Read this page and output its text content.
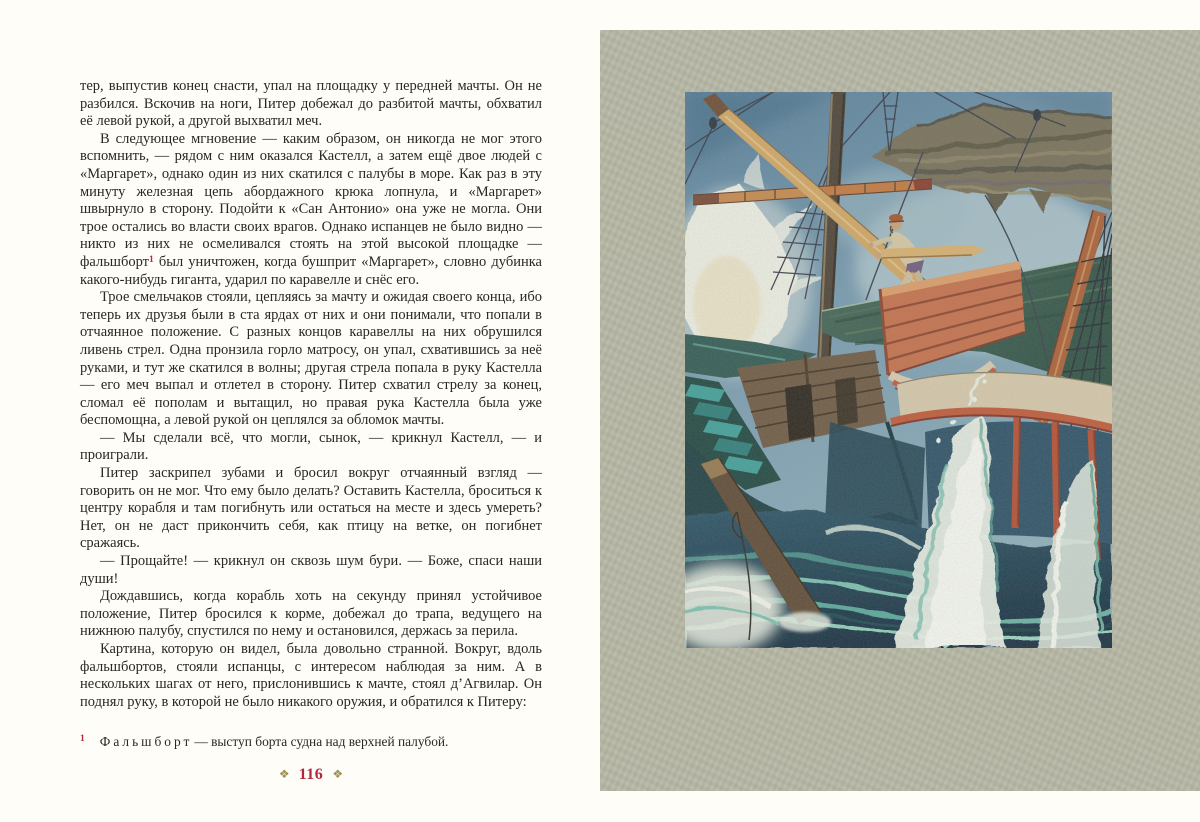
тер, выпустив конец снасти, упал на площадку у передней мачты. Он не разбился. Вскочив на ноги, Питер добежал до разбитой мачты, обхватил её левой рукой, а другой выхватил меч.

В следующее мгновение — каким образом, он никогда не мог этого вспомнить, — рядом с ним оказался Кастелл, а затем ещё двое людей с «Маргарет», однако один из них скатился с палубы в море. Как раз в эту минуту железная цепь абордажного крюка лопнула, и «Маргарет» швырнуло в сторону. Подойти к «Сан Антонио» она уже не могла. Они трое остались во власти своих врагов. Однако испанцев не было видно — никто из них не осмеливался стоять на этой высокой площадке — фальшборт$^1$ был уничтожен, когда бушприт «Маргарет», словно дубинка какого-нибудь гиганта, ударил по каравелле и снёс его.

Трое смельчаков стояли, цепляясь за мачту и ожидая своего конца, ибо теперь их друзья были в ста ярдах от них и они понимали, что попали в отчаянное положение. С разных концов каравеллы на них обрушился ливень стрел. Одна пронзила горло матросу, он упал, схватившись за неё руками, и тут же скатился в волны; другая стрела попала в руку Кастелла — его меч выпал и отлетел в сторону. Питер схватил стрелу за конец, сломал её пополам и вытащил, но правая рука Кастелла была уже беспомощна, а левой рукой он цеплялся за обломок мачты.

— Мы сделали всё, что могли, сынок, — крикнул Кастелл, — и проиграли.

Питер заскрипел зубами и бросил вокруг отчаянный взгляд — говорить он не мог. Что ему было делать? Оставить Кастелла, броситься к центру корабля и там погибнуть или остаться на месте и здесь умереть? Нет, он не даст прикончить себя, как птицу на ветке, он погибнет сражаясь.

— Прощайте! — крикнул он сквозь шум бури. — Боже, спаси наши души!

Дождавшись, когда корабль хоть на секунду принял устойчивое положение, Питер бросился к корме, добежал до трапа, ведущего на нижнюю палубу, спустился по нему и остановился, держась за перила.

Картина, которую он видел, была довольно странной. Вокруг, вдоль фальшбортов, стояли испанцы, с интересом наблюдая за ним. А в нескольких шагах от него, прислонившись к мачте, стоял д’Агвилар. Он поднял руку, в которой не было никакого оружия, и обратился к Питеру:

$^1$ Фальшборт — выступ борта судна над верхней палубой.

❖ 116 ❖
